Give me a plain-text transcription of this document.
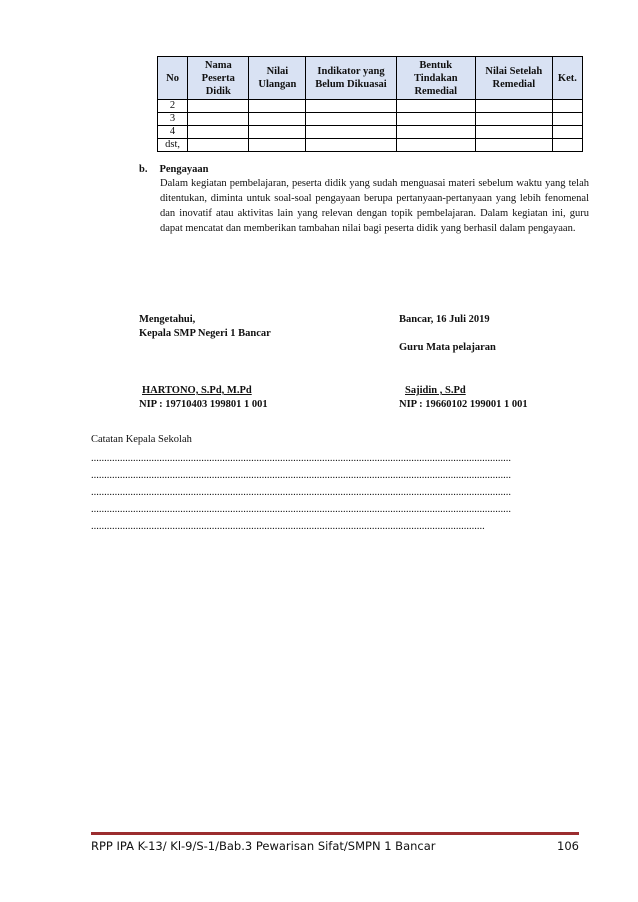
No	Nama Peserta Didik	Nilai Ulangan	Indikator yang Belum Dikuasai	Bentuk Tindakan Remedial	Nilai Setelah Remedial	Ket.
2						
3						
4						
dst,						
b. Pengayaan
Dalam kegiatan pembelajaran, peserta didik yang sudah menguasai materi sebelum waktu yang telah ditentukan, diminta untuk soal-soal pengayaan berupa pertanyaan-pertanyaan yang lebih fenomenal dan inovatif atau aktivitas lain yang relevan dengan topik pembelajaran. Dalam kegiatan ini, guru dapat mencatat dan memberikan tambahan nilai bagi peserta didik yang berhasil dalam pengayaan.
Mengetahui,
Kepala SMP Negeri 1 Bancar
Bancar, 16 Juli 2019
Guru Mata pelajaran
HARTONO, S.Pd, M.Pd
NIP : 19710403 199801 1 001
Sajidin , S.Pd
NIP : 19660102 199001 1 001
Catatan Kepala Sekolah
................................................................................................................................................................
................................................................................................................................................................
................................................................................................................................................................
................................................................................................................................................................
......................................................................................................................................................
RPP IPA K-13/ Kl-9/S-1/Bab.3 Pewarisan Sifat/SMPN 1 Bancar	106
